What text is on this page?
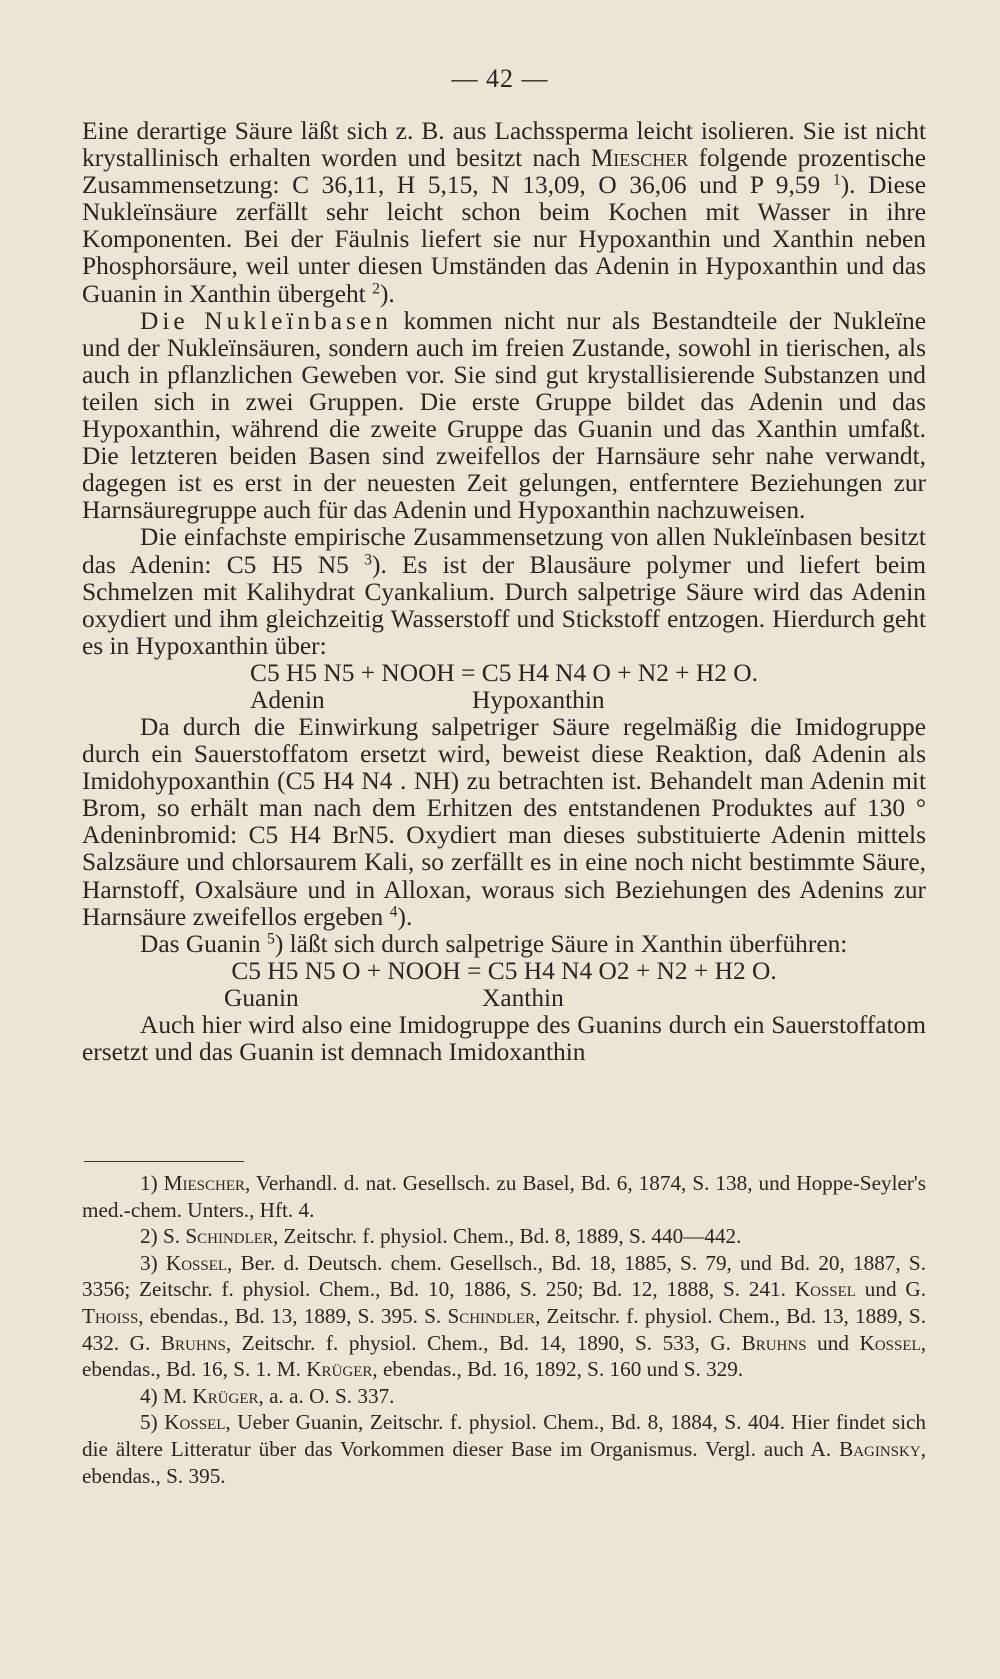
— 42 —

Eine derartige Säure läßt sich z. B. aus Lachssperma leicht isolieren. Sie ist nicht krystallinisch erhalten worden und besitzt nach Miescher folgende prozentische Zusammensetzung: C 36,11, H 5,15, N 13,09, O 36,06 und P 9,59 $^1$). Diese Nukleïnsäure zerfällt sehr leicht schon beim Kochen mit Wasser in ihre Komponenten. Bei der Fäulnis liefert sie nur Hypoxanthin und Xanthin neben Phosphorsäure, weil unter diesen Umständen das Adenin in Hypoxanthin und das Guanin in Xanthin übergeht $^2$).

Die Nukleïnbasen kommen nicht nur als Bestandteile der Nukleïne und der Nukleïnsäuren, sondern auch im freien Zustande, sowohl in tierischen, als auch in pflanzlichen Geweben vor. Sie sind gut krystallisierende Substanzen und teilen sich in zwei Gruppen. Die erste Gruppe bildet das Adenin und das Hypoxanthin, während die zweite Gruppe das Guanin und das Xanthin umfaßt. Die letzteren beiden Basen sind zweifellos der Harnsäure sehr nahe verwandt, dagegen ist es erst in der neuesten Zeit gelungen, entferntere Beziehungen zur Harnsäuregruppe auch für das Adenin und Hypoxanthin nachzuweisen.

Die einfachste empirische Zusammensetzung von allen Nukleïnbasen besitzt das Adenin: C5 H5 N5 $^3$). Es ist der Blausäure polymer und liefert beim Schmelzen mit Kalihydrat Cyankalium. Durch salpetrige Säure wird das Adenin oxydiert und ihm gleichzeitig Wasserstoff und Stickstoff entzogen. Hierdurch geht es in Hypoxanthin über:

C5 H5 N5 + NOOH = C5 H4 N4 O + N2 + H2 O.

Adenin	Hypoxanthin

Da durch die Einwirkung salpetriger Säure regelmäßig die Imidogruppe durch ein Sauerstoffatom ersetzt wird, beweist diese Reaktion, daß Adenin als Imidohypoxanthin (C5 H4 N4 . NH) zu betrachten ist. Behandelt man Adenin mit Brom, so erhält man nach dem Erhitzen des entstandenen Produktes auf 130 ° Adeninbromid: C5 H4 BrN5. Oxydiert man dieses substituierte Adenin mittels Salzsäure und chlorsaurem Kali, so zerfällt es in eine noch nicht bestimmte Säure, Harnstoff, Oxalsäure und in Alloxan, woraus sich Beziehungen des Adenins zur Harnsäure zweifellos ergeben $^4$).

Das Guanin $^5$) läßt sich durch salpetrige Säure in Xanthin überführen:

C5 H5 N5 O + NOOH = C5 H4 N4 O2 + N2 + H2 O.

Guanin	Xanthin

Auch hier wird also eine Imidogruppe des Guanins durch ein Sauerstoffatom ersetzt und das Guanin ist demnach Imidoxanthin

1) Miescher, Verhandl. d. nat. Gesellsch. zu Basel, Bd. 6, 1874, S. 138, und Hoppe-Seyler's med.-chem. Unters., Hft. 4.

2) S. Schindler, Zeitschr. f. physiol. Chem., Bd. 8, 1889, S. 440—442.

3) Kossel, Ber. d. Deutsch. chem. Gesellsch., Bd. 18, 1885, S. 79, und Bd. 20, 1887, S. 3356; Zeitschr. f. physiol. Chem., Bd. 10, 1886, S. 250; Bd. 12, 1888, S. 241. Kossel und G. Thoiss, ebendas., Bd. 13, 1889, S. 395. S. Schindler, Zeitschr. f. physiol. Chem., Bd. 13, 1889, S. 432. G. Bruhns, Zeitschr. f. physiol. Chem., Bd. 14, 1890, S. 533, G. Bruhns und Kossel, ebendas., Bd. 16, S. 1. M. Krüger, ebendas., Bd. 16, 1892, S. 160 und S. 329.

4) M. Krüger, a. a. O. S. 337.

5) Kossel, Ueber Guanin, Zeitschr. f. physiol. Chem., Bd. 8, 1884, S. 404. Hier findet sich die ältere Litteratur über das Vorkommen dieser Base im Organismus. Vergl. auch A. Baginsky, ebendas., S. 395.
